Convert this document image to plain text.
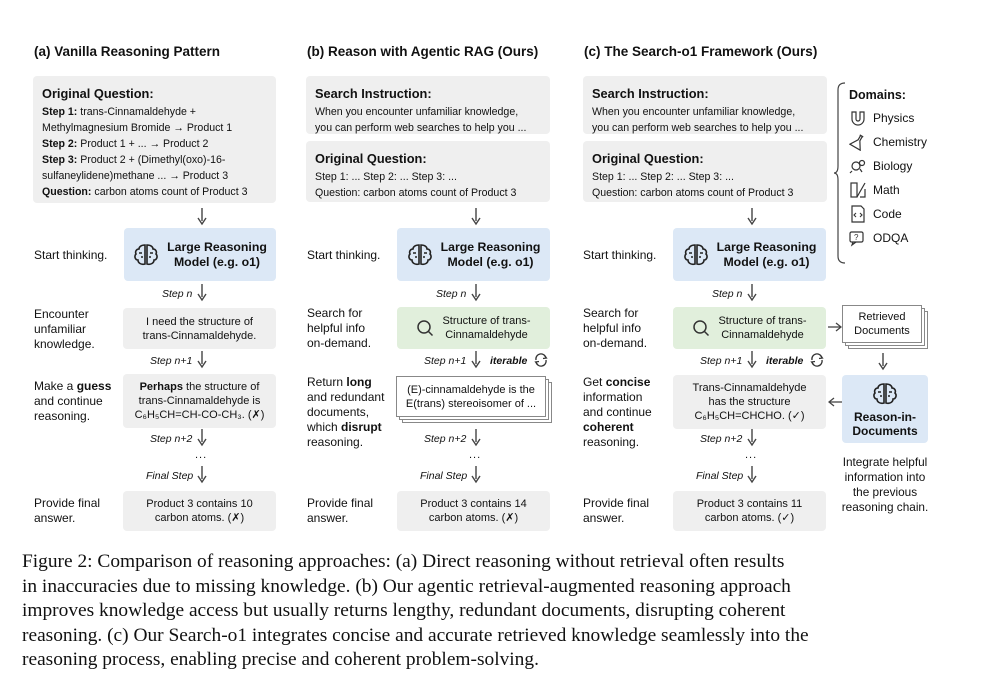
(a) Vanilla Reasoning Pattern
Original Question:
Step 1: trans-Cinnamaldehyde +
Methylmagnesium Bromide → Product 1
Step 2: Product 1 + ... → Product 2
Step 3: Product 2 + (Dimethyl(oxo)-16-
sulfaneylidene)methane ... → Product 3
Question: carbon atoms count of Product 3
Start thinking.
Large Reasoning
Model (e.g. o1)
Step n
Encounter
unfamiliar
knowledge.
I need the structure of
trans-Cinnamaldehyde.
Step n+1
Make a guess
and continue
reasoning.
Perhaps the structure of
trans-Cinnamaldehyde is
C₆H₅CH=CH-CO-CH₃. (✗)
Step n+2
...
Final Step
Provide final
answer.
Product 3 contains 10
carbon atoms. (✗)
(b) Reason with Agentic RAG (Ours)
Search Instruction:
When you encounter unfamiliar knowledge,
you can perform web searches to help you ...
Original Question:
Step 1: ... Step 2: ... Step 3: ...
Question: carbon atoms count of Product 3
Start thinking.
Large Reasoning
Model (e.g. o1)
Step n
Search for
helpful info
on-demand.
Structure of trans-
Cinnamaldehyde
Step n+1 iterable
Return long
and redundant
documents,
which disrupt
reasoning.
(E)-cinnamaldehyde is the
E(trans) stereoisomer of ...
Step n+2
...
Final Step
Provide final
answer.
Product 3 contains 14
carbon atoms. (✗)
(c) The Search-o1 Framework (Ours)
Search Instruction:
When you encounter unfamiliar knowledge,
you can perform web searches to help you ...
Original Question:
Step 1: ... Step 2: ... Step 3: ...
Question: carbon atoms count of Product 3
Domains:
Physics
Chemistry
Biology
Math
Code
? ODQA
Start thinking.
Large Reasoning
Model (e.g. o1)
Step n
Search for
helpful info
on-demand.
Structure of trans-
Cinnamaldehyde
Retrieved
Documents
Step n+1 iterable
Get concise
information
and continue
coherent
reasoning.
Trans-Cinnamaldehyde
has the structure
C₆H₅CH=CHCHO. (✓)	Reason-in-
Documents
Integrate helpful
information into
the previous
reasoning chain.
Step n+2
...
Final Step
Provide final
answer.
Product 3 contains 11
carbon atoms. (✓)
Figure 2: Comparison of reasoning approaches: (a) Direct reasoning without retrieval often results
in inaccuracies due to missing knowledge. (b) Our agentic retrieval-augmented reasoning approach
improves knowledge access but usually returns lengthy, redundant documents, disrupting coherent
reasoning. (c) Our Search-o1 integrates concise and accurate retrieved knowledge seamlessly into the
reasoning process, enabling precise and coherent problem-solving.
